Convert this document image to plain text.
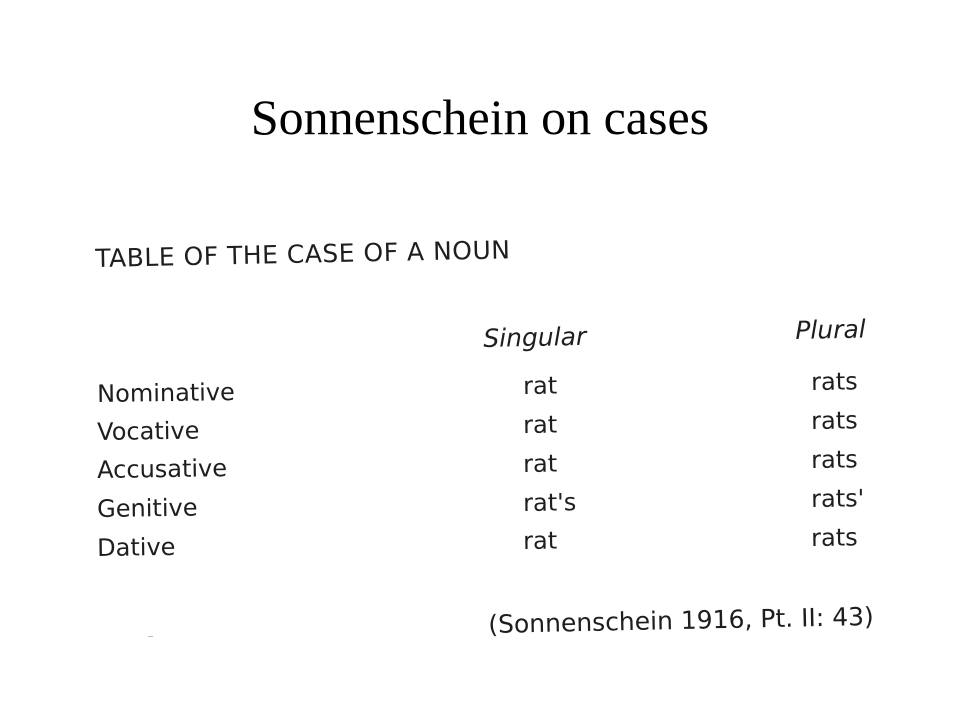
Sonnenschein on cases
TABLE OF THE CASE OF A NOUN
Singular	Plural
Nominative	rat	rats
Vocative	rat	rats
Accusative	rat	rats
Genitive	rat's	rats'
Dative	rat	rats
(Sonnenschein 1916, Pt. II: 43)
